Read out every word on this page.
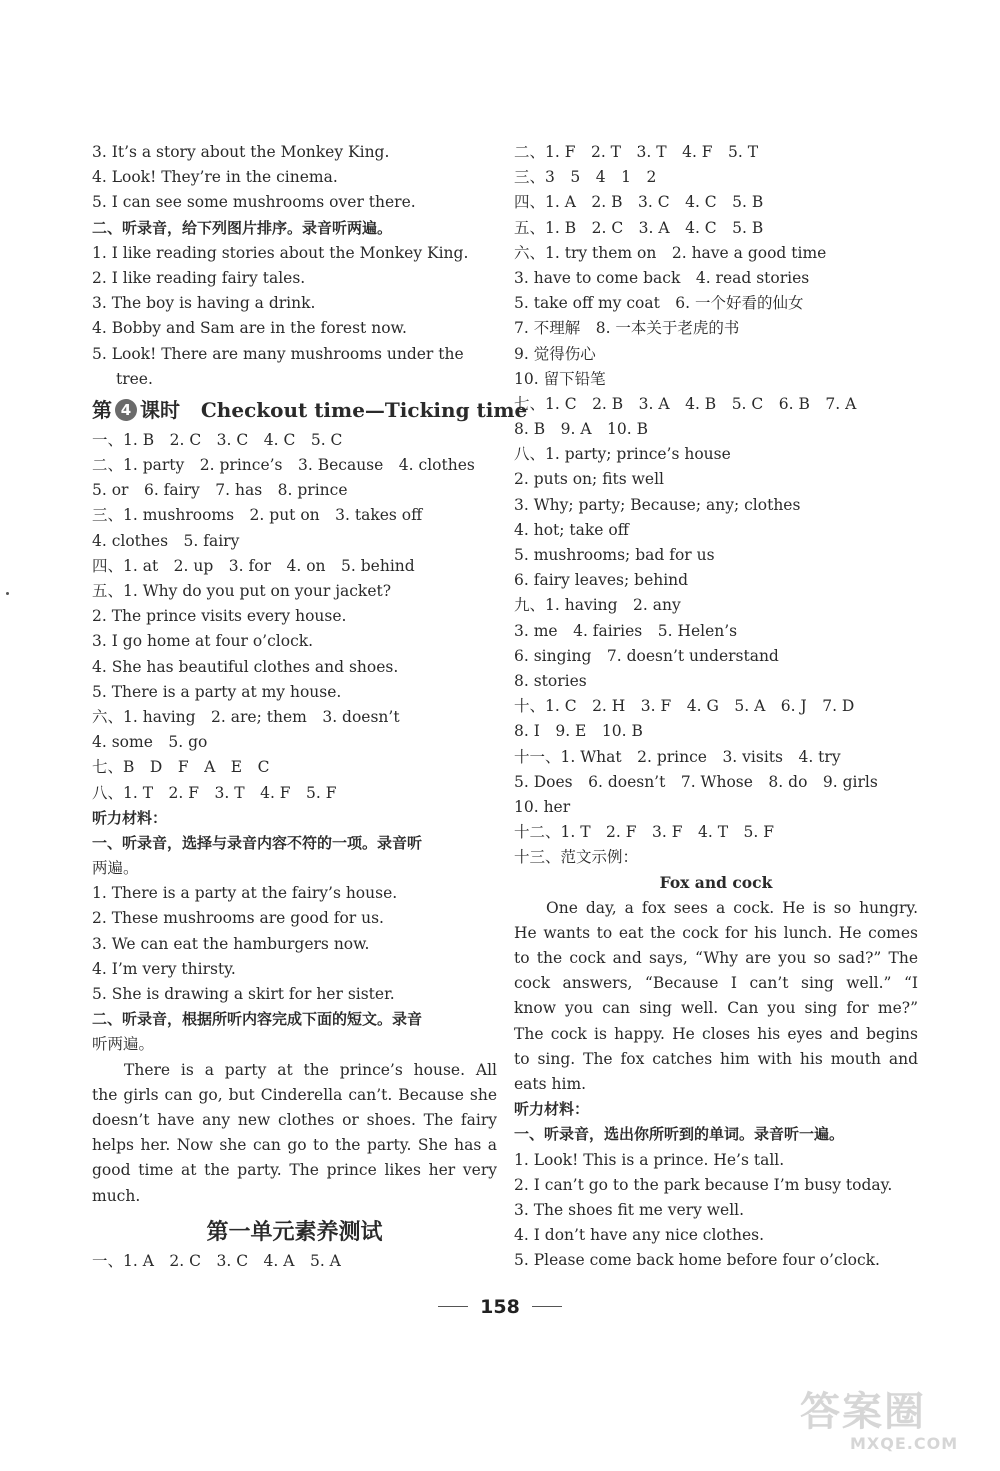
3. It’s a story about the Monkey King.
4. Look! They’re in the cinema.
5. I can see some mushrooms over there.
二、听录音，给下列图片排序。录音听两遍。
1. I like reading stories about the Monkey King.
2. I like reading fairy tales.
3. The boy is having a drink.
4. Bobby and Sam are in the forest now.
5. Look! There are many mushrooms under the
tree.
第 4 课时 Checkout time—Ticking time
一、1. B　2. C　3. C　4. C　5. C
二、1. party　2. prince’s　3. Because　4. clothes
5. or　6. fairy　7. has　8. prince
三、1. mushrooms　2. put on　3. takes off
4. clothes　5. fairy
四、1. at　2. up　3. for　4. on　5. behind
五、1. Why do you put on your jacket?
2. The prince visits every house.
3. I go home at four o’clock.
4. She has beautiful clothes and shoes.
5. There is a party at my house.
六、1. having　2. are; them　3. doesn’t
4. some　5. go
七、B　D　F　A　E　C
八、1. T　2. F　3. T　4. F　5. F
听力材料：
一、听录音，选择与录音内容不符的一项。录音听
两遍。
1. There is a party at the fairy’s house.
2. These mushrooms are good for us.
3. We can eat the hamburgers now.
4. I’m very thirsty.
5. She is drawing a skirt for her sister.
二、听录音，根据所听内容完成下面的短文。录音
听两遍。
There is a party at the prince’s house. All
the girls can go, but Cinderella can’t. Because she
doesn’t have any new clothes or shoes. The fairy
helps her. Now she can go to the party. She has a
good time at the party. The prince likes her very
much.
第一单元素养测试
一、1. A　2. C　3. C　4. A　5. A
二、1. F　2. T　3. T　4. F　5. T
三、3　5　4　1　2
四、1. A　2. B　3. C　4. C　5. B
五、1. B　2. C　3. A　4. C　5. B
六、1. try them on　2. have a good time
3. have to come back　4. read stories
5. take off my coat　6. 一个好看的仙女
7. 不理解　8. 一本关于老虎的书
9. 觉得伤心
10. 留下铅笔
七、1. C　2. B　3. A　4. B　5. C　6. B　7. A
8. B　9. A　10. B
八、1. party; prince’s house
2. puts on; fits well
3. Why; party; Because; any; clothes
4. hot; take off
5. mushrooms; bad for us
6. fairy leaves; behind
九、1. having　2. any
3. me　4. fairies　5. Helen’s
6. singing　7. doesn’t understand
8. stories
十、1. C　2. H　3. F　4. G　5. A　6. J　7. D
8. I　9. E　10. B
十一、1. What　2. prince　3. visits　4. try
5. Does　6. doesn’t　7. Whose　8. do　9. girls
10. her
十二、1. T　2. F　3. F　4. T　5. F
十三、范文示例：
Fox and cock
One day, a fox sees a cock. He is so hungry.
He wants to eat the cock for his lunch. He comes
to the cock and says, “Why are you so sad?” The
cock answers, “Because I can’t sing well.” “I
know you can sing well. Can you sing for me?”
The cock is happy. He closes his eyes and begins
to sing. The fox catches him with his mouth and
eats him.
听力材料：
一、听录音，选出你所听到的单词。录音听一遍。
1. Look! This is a prince. He’s tall.
2. I can’t go to the park because I’m busy today.
3. The shoes fit me very well.
4. I don’t have any nice clothes.
5. Please come back home before four o’clock.
158
答案圈
MXQE.COM
